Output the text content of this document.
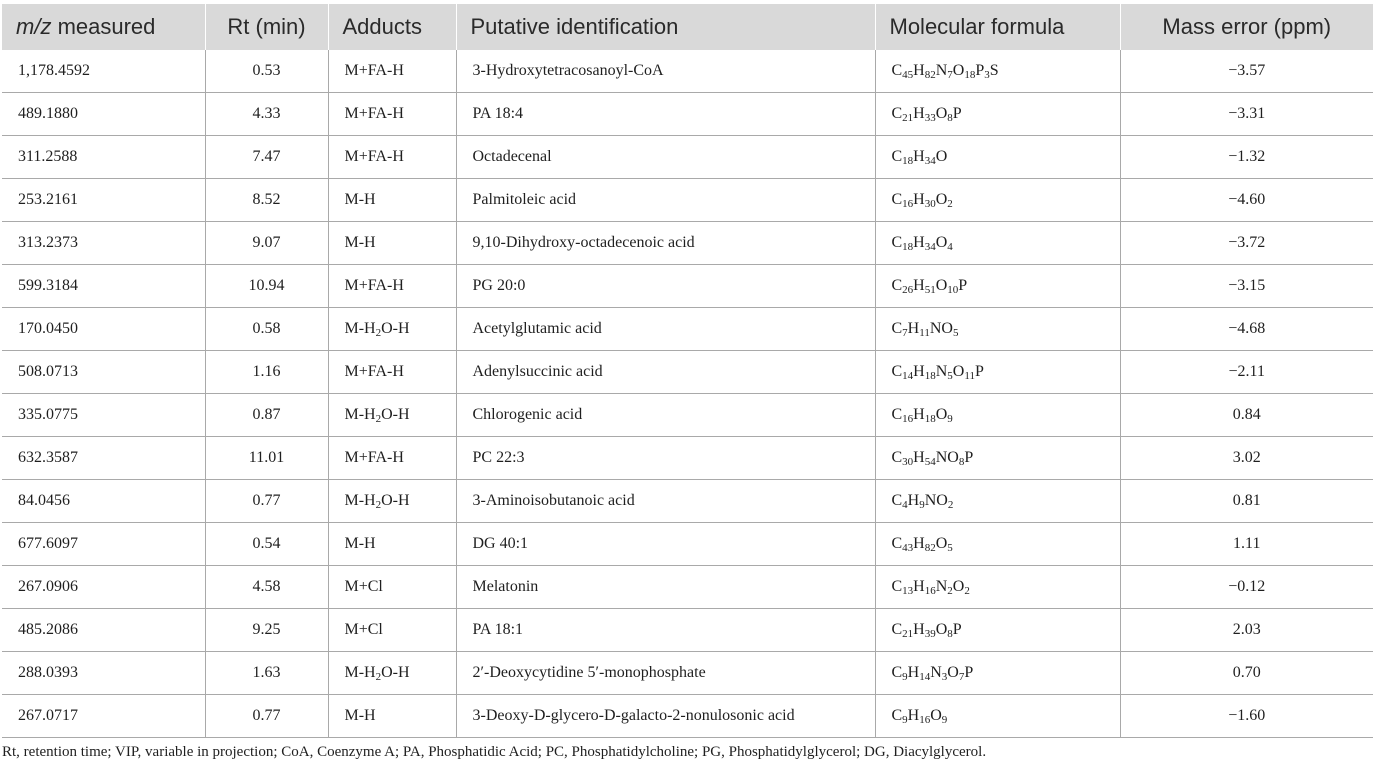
m/z measured	Rt (min)	Adducts	Putative identification	Molecular formula	Mass error (ppm)
1,178.4592	0.53	M+FA-H	3-Hydroxytetracosanoyl-CoA	$C_{45}H_{82}N_7O_{18}P_3S$	−3.57
489.1880	4.33	M+FA-H	PA 18:4	$C_{21}H_{33}O_8P$	−3.31
311.2588	7.47	M+FA-H	Octadecenal	$C_{18}H_{34}O$	−1.32
253.2161	8.52	M-H	Palmitoleic acid	$C_{16}H_{30}O_2$	−4.60
313.2373	9.07	M-H	9,10-Dihydroxy-octadecenoic acid	$C_{18}H_{34}O_4$	−3.72
599.3184	10.94	M+FA-H	PG 20:0	$C_{26}H_{51}O_{10}P$	−3.15
170.0450	0.58	$M-H_2O-H$	Acetylglutamic acid	$C_7H_{11}NO_5$	−4.68
508.0713	1.16	M+FA-H	Adenylsuccinic acid	$C_{14}H_{18}N_5O_{11}P$	−2.11
335.0775	0.87	$M-H_2O-H$	Chlorogenic acid	$C_{16}H_{18}O_9$	0.84
632.3587	11.01	M+FA-H	PC 22:3	$C_{30}H_{54}NO_8P$	3.02
84.0456	0.77	$M-H_2O-H$	3-Aminoisobutanoic acid	$C_4H_9NO_2$	0.81
677.6097	0.54	M-H	DG 40:1	$C_{43}H_{82}O_5$	1.11
267.0906	4.58	M+Cl	Melatonin	$C_{13}H_{16}N_2O_2$	−0.12
485.2086	9.25	M+Cl	PA 18:1	$C_{21}H_{39}O_8P$	2.03
288.0393	1.63	$M-H_2O-H$	2′-Deoxycytidine 5′-monophosphate	$C_9H_{14}N_3O_7P$	0.70
267.0717	0.77	M-H	3-Deoxy-D-glycero-D-galacto-2-nonulosonic acid	$C_9H_{16}O_9$	−1.60
Rt, retention time; VIP, variable in projection; CoA, Coenzyme A; PA, Phosphatidic Acid; PC, Phosphatidylcholine; PG, Phosphatidylglycerol; DG, Diacylglycerol.
